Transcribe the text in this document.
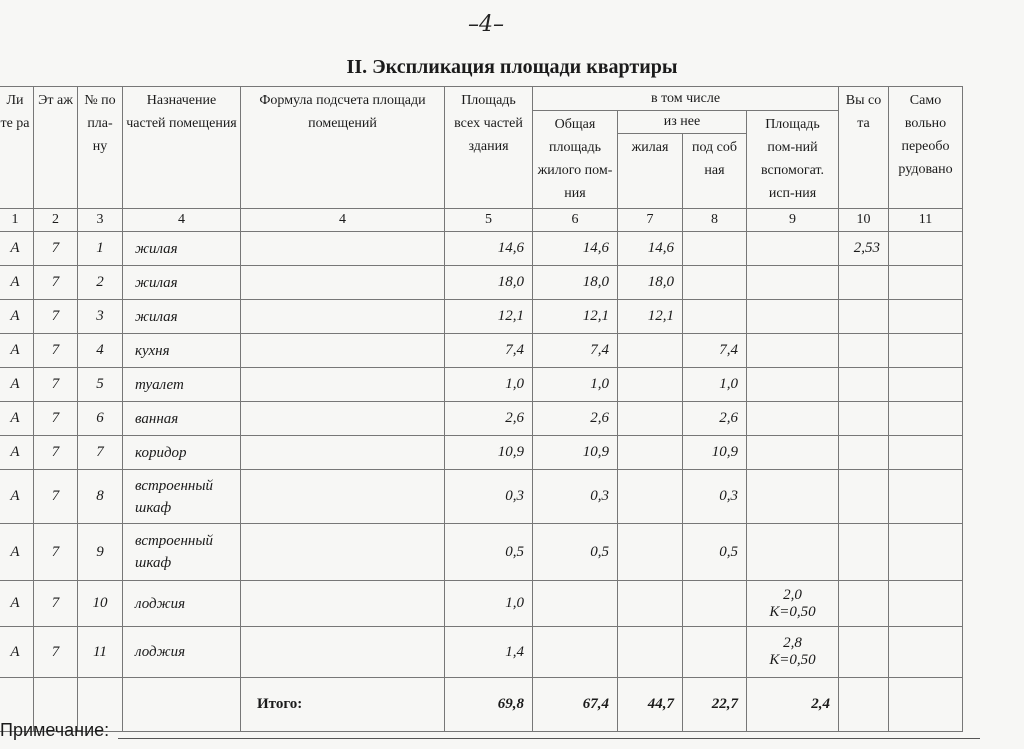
–4–
II. Экспликация площади квартиры
Ли те ра	Эт аж	№ по пла- ну	Назначение частей помещения	Формула подсчета площади помещений	Площадь всех частей здания	в том числе				Вы со та	Само вольно переобо рудовано
						Общая площадь жилого пом-ния	из нее		Площадь пом-ний вспомогат. исп-ния		
							жилая	под соб ная			

1	2	3	4	4	5	6	7	8	9	10	11
А	7	1	жилая		14,6	14,6	14,6			2,53	
А	7	2	жилая		18,0	18,0	18,0		

А	7	3	жилая		12,1	12,1	12,1		

А	7	4	кухня		7,4	7,4		7,4	

А	7	5	туалет		1,0	1,0		1,0	

А	7	6	ванная		2,6	2,6		2,6	

А	7	7	коридор		10,9	10,9		10,9	

А	7	8	встроенный шкаф		0,3	0,3		0,3	

А	7	9	встроенный шкаф		0,5	0,5		0,5	

А	7	10	лоджия		1,0				2,0
К=0,50		

А	7	11	лоджия		1,4				2,8
К=0,50		

				Итого:	69,8	67,4	44,7	22,7	2,4		
Примечание:
